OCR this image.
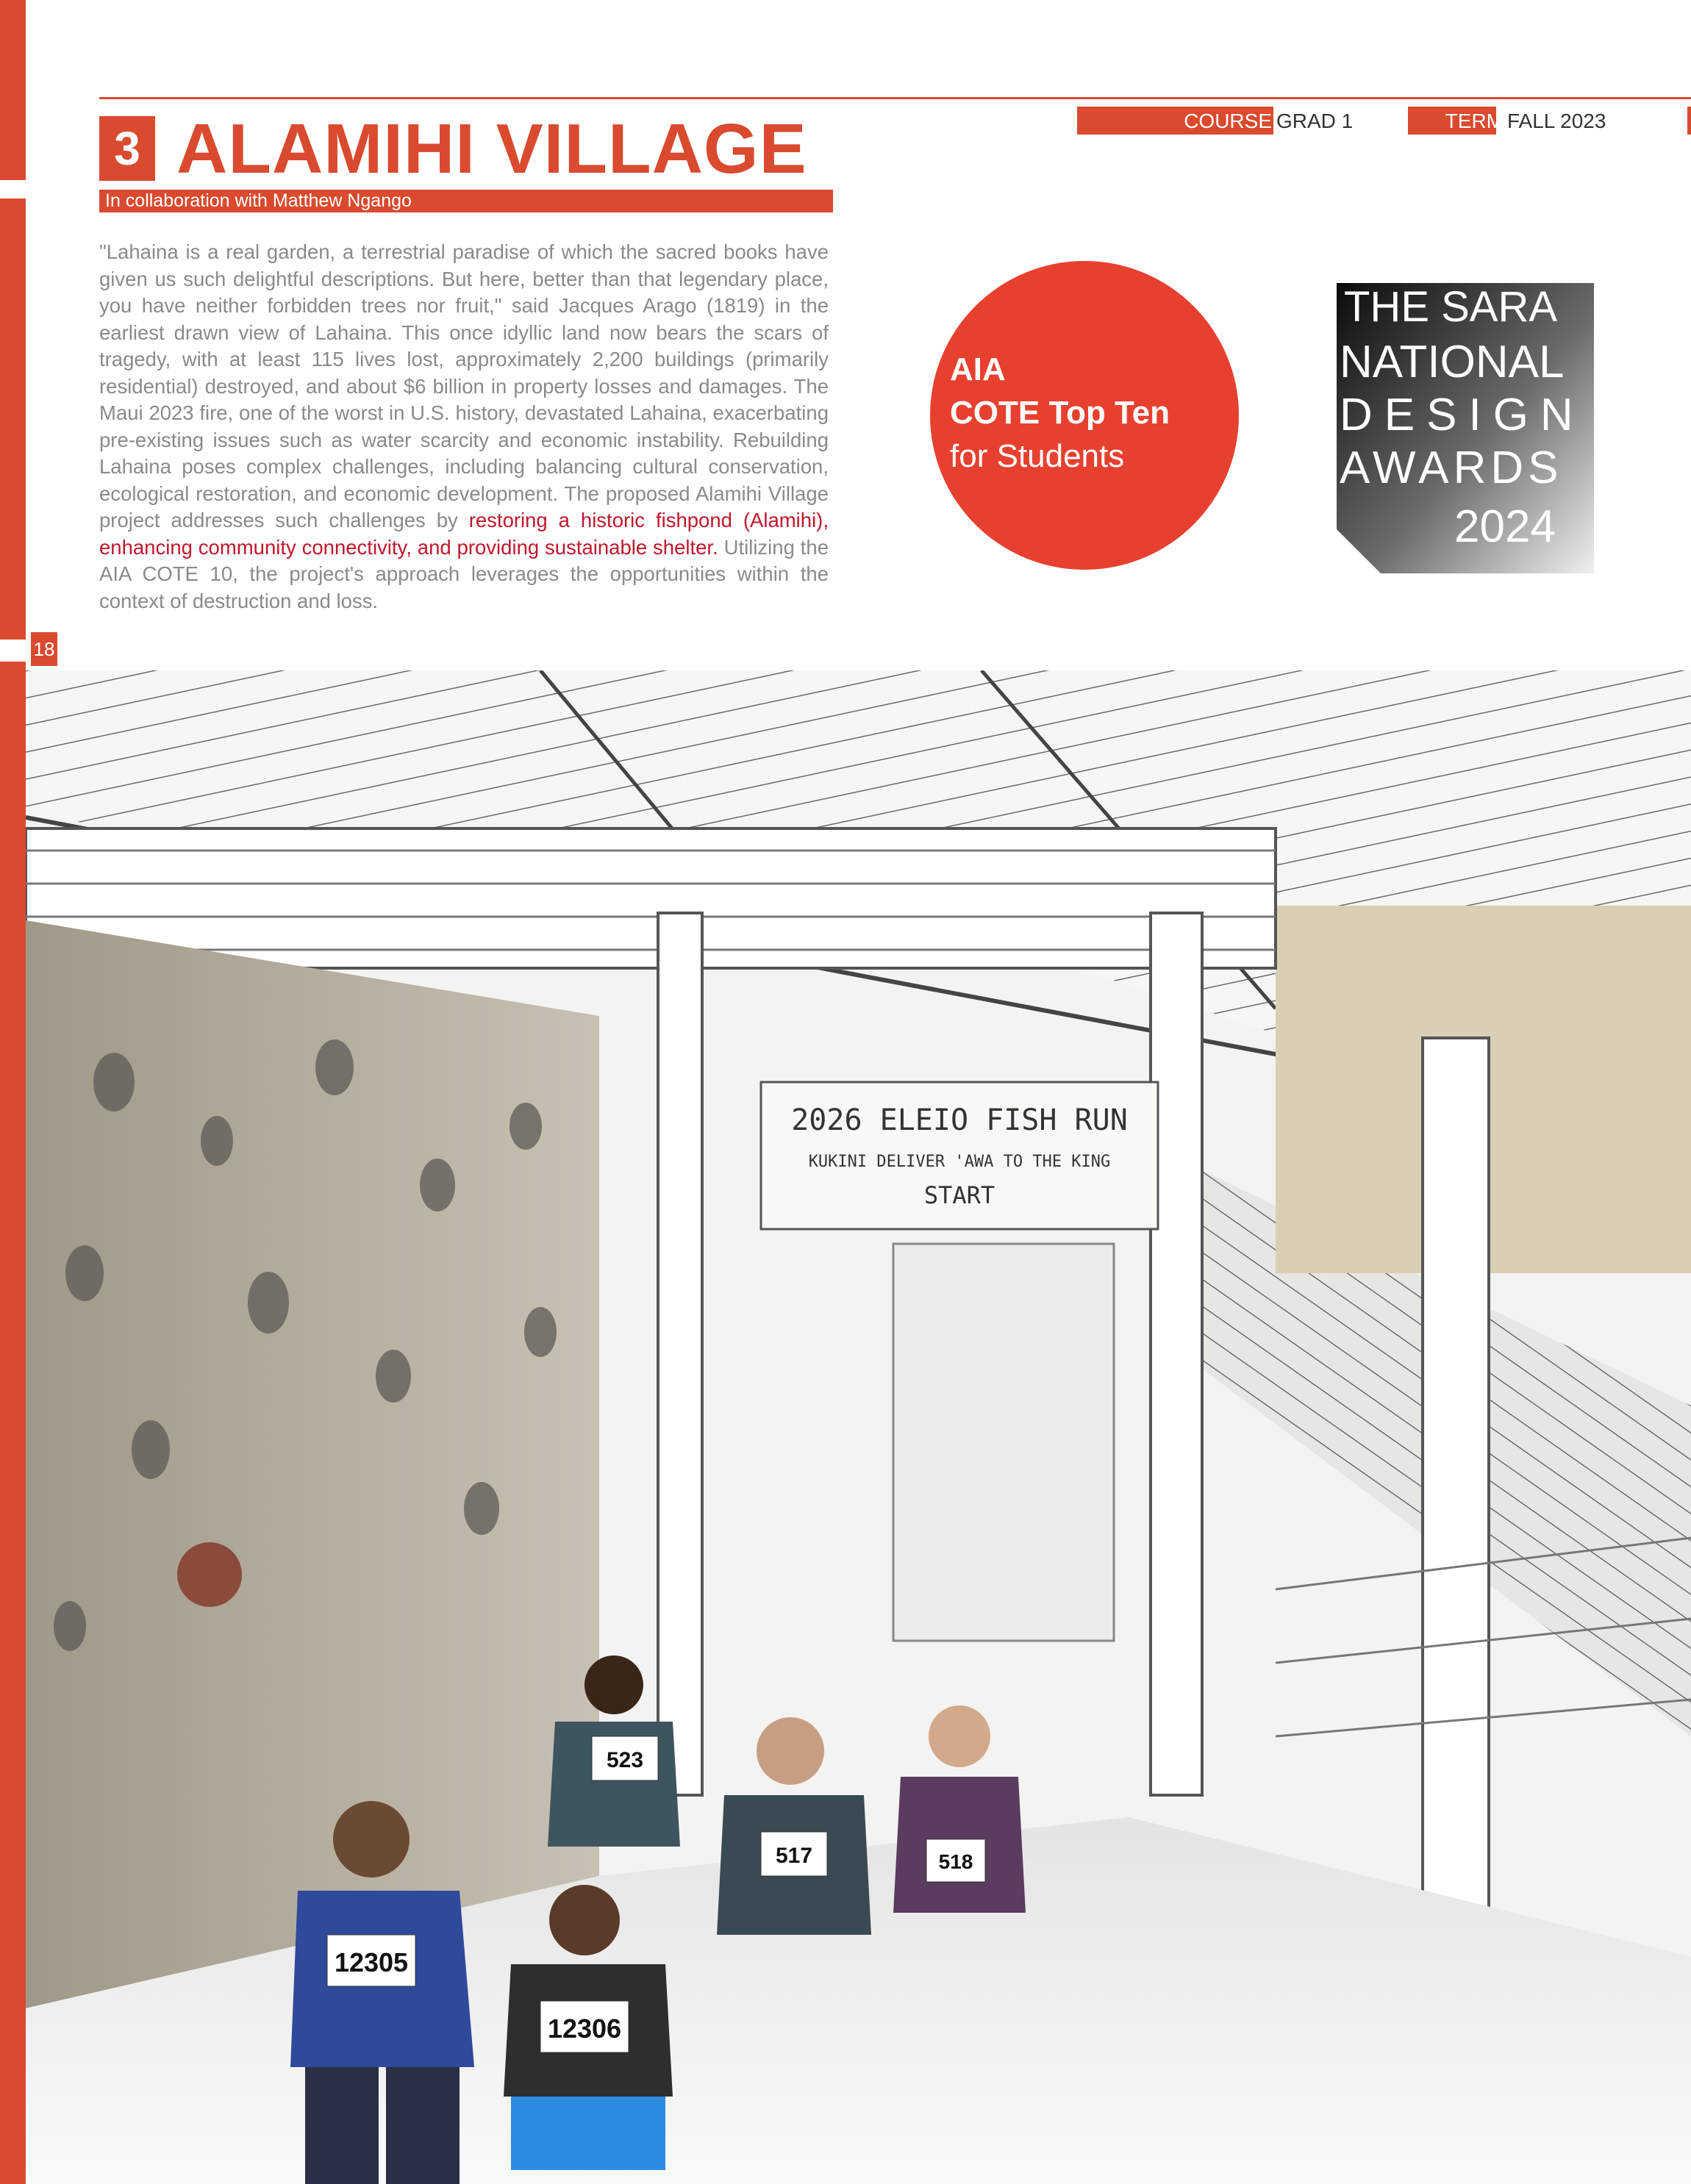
18
COURSE GRAD 1	TERM FALL 2023
3 ALAMIHI VILLAGE
In collaboration with Matthew Ngango

"Lahaina is a real garden, a terrestrial paradise of which the sacred books have given us such delightful descriptions. But here, better than that legendary place, you have neither forbidden trees nor fruit," said Jacques Arago (1819) in the earliest drawn view of Lahaina. This once idyllic land now bears the scars of tragedy, with at least 115 lives lost, approximately 2,200 buildings (primarily residential) destroyed, and about $6 billion in property losses and damages. The Maui 2023 fire, one of the worst in U.S. history, devastated Lahaina, exacerbating pre-existing issues such as water scarcity and economic instability. Rebuilding Lahaina poses complex challenges, including balancing cultural conservation, ecological restoration, and economic development. The proposed Alamihi Village project addresses such challenges by restoring a historic fishpond (Alamihi), enhancing community connectivity, and providing sustainable shelter. Utilizing the AIA COTE 10, the project's approach leverages the opportunities within the context of destruction and loss.

AIA
COTE Top Ten
for Students
THE SARA
NATIONAL
DESIGN
AWARDS
2024
2026 ELEIO FISH RUN
KUKINI DELIVER 'AWA TO THE KING
START
12305
12306
523
517	518
